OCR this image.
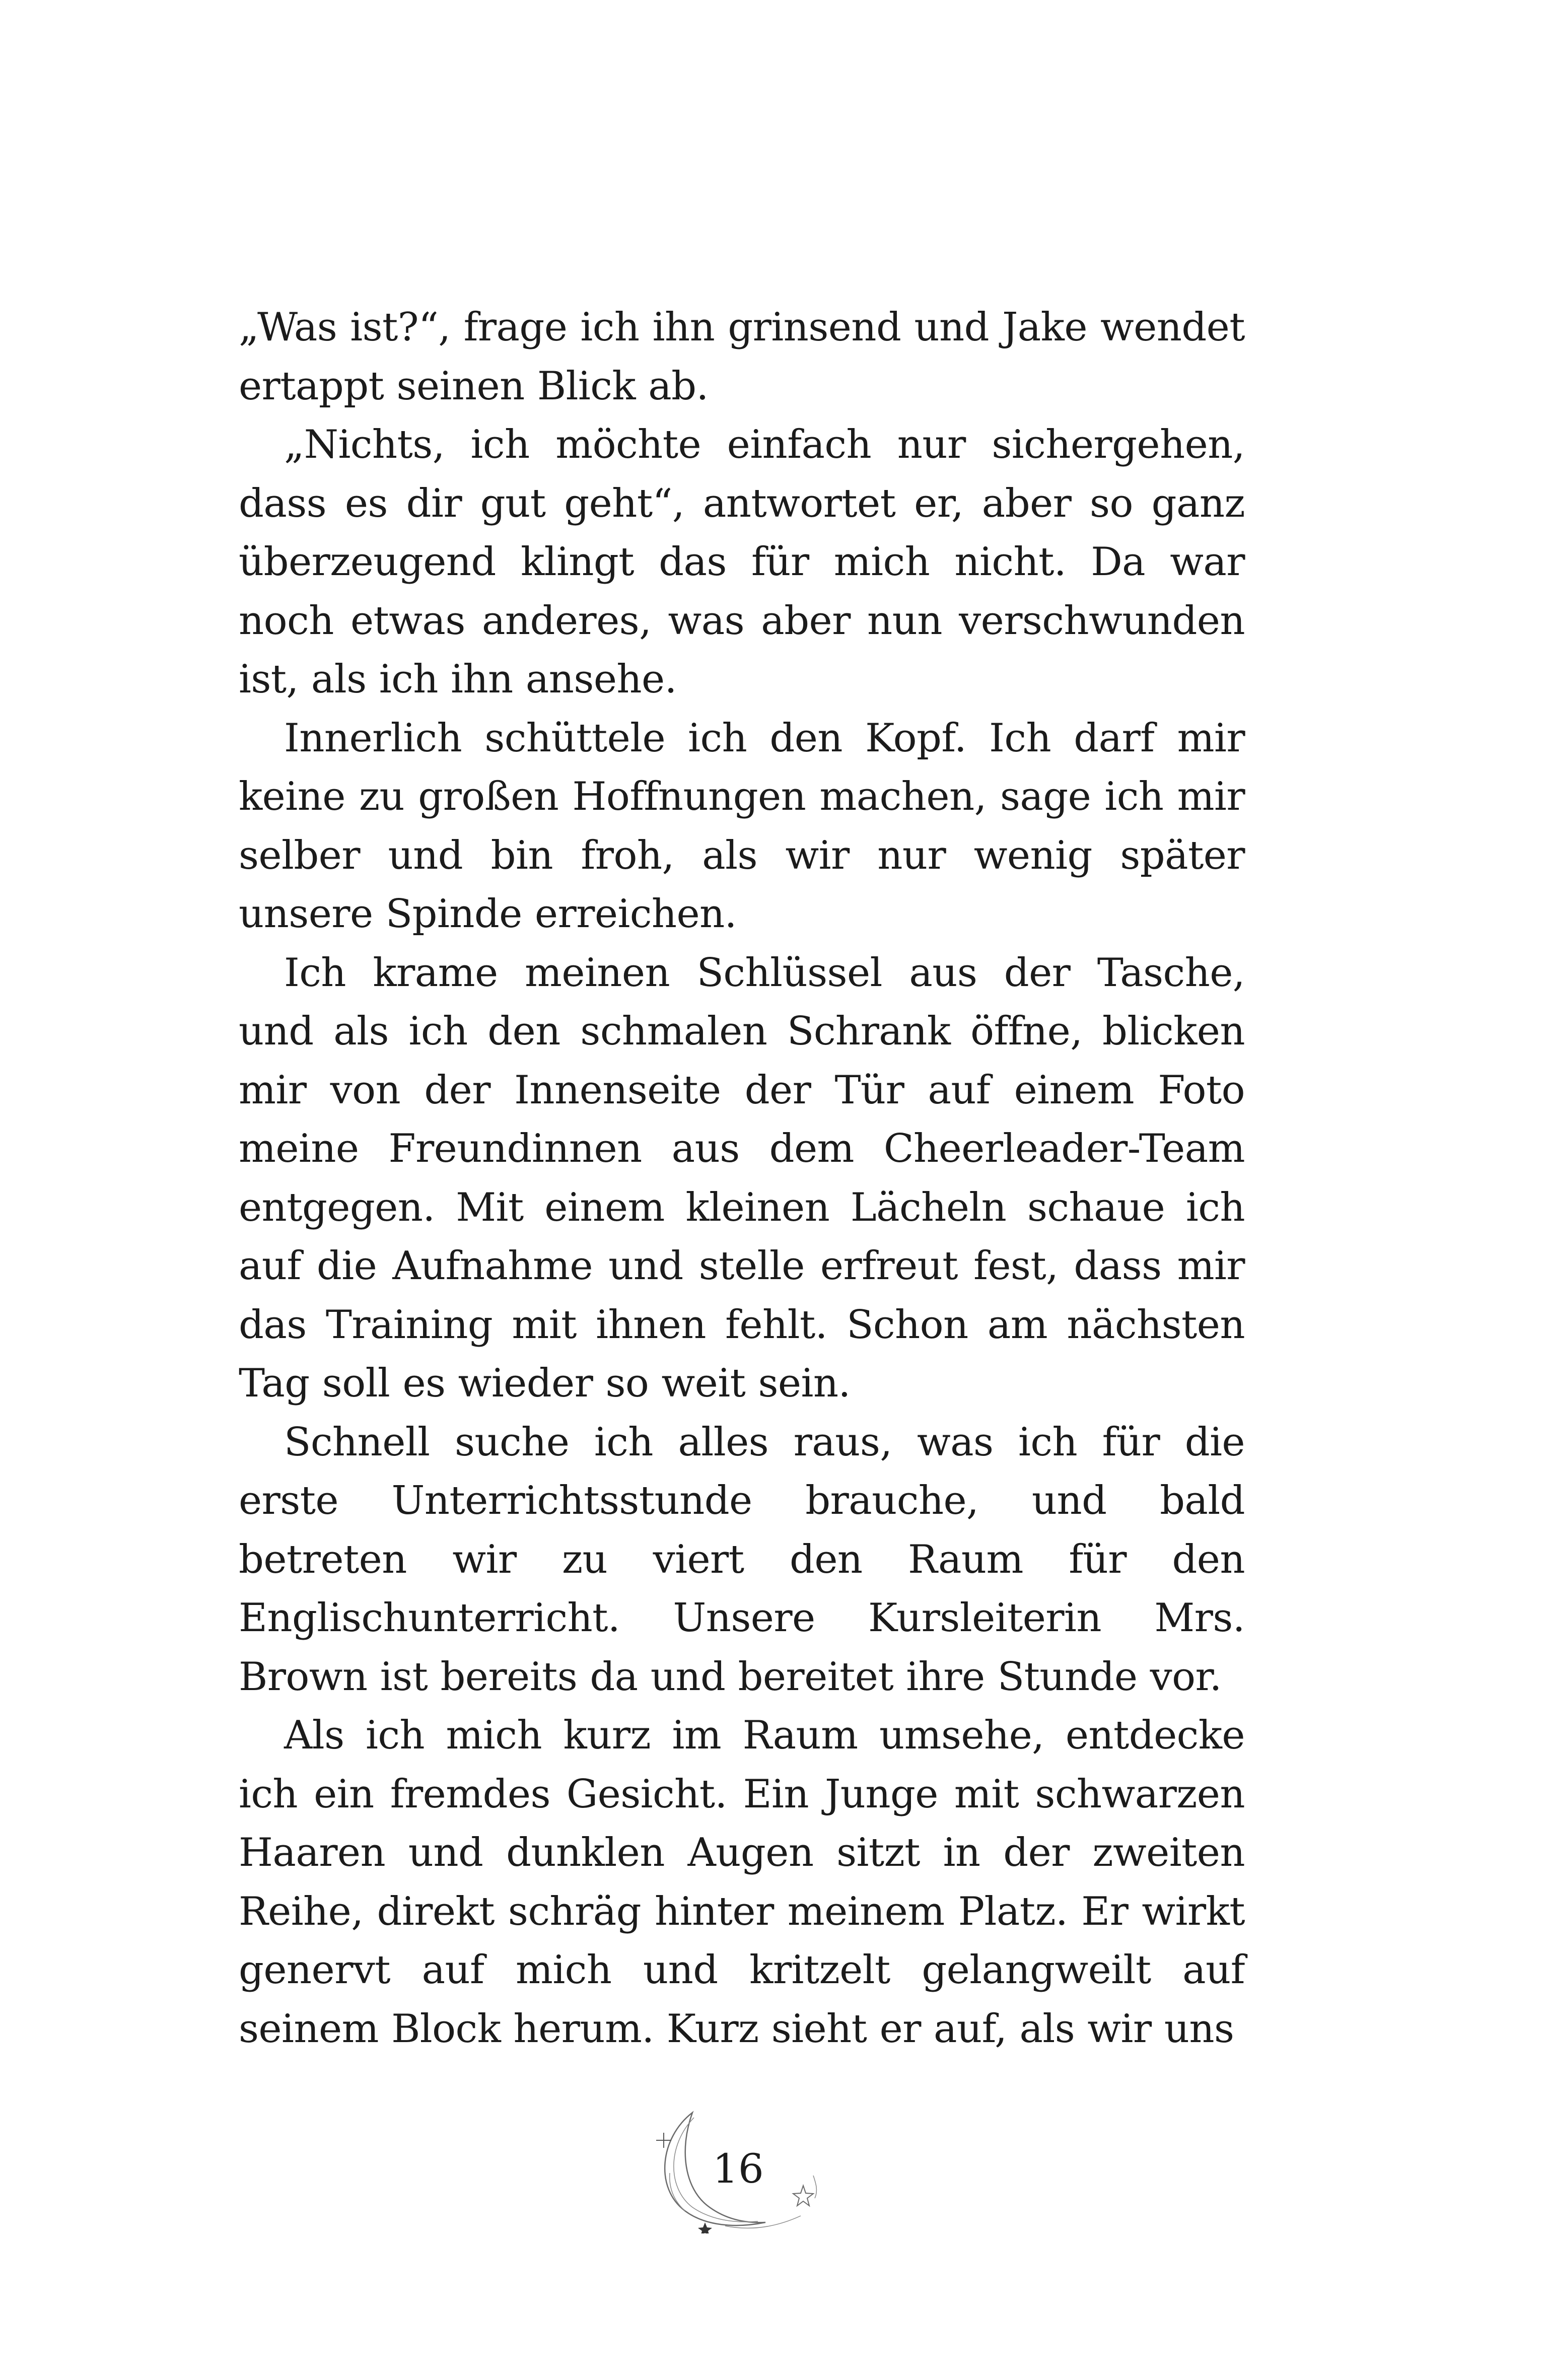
„Was ist?“, frage ich ihn grinsend und Jake wendet ertappt seinen Blick ab.

„Nichts, ich möchte einfach nur sichergehen, dass es dir gut geht“, antwortet er, aber so ganz überzeugend klingt das für mich nicht. Da war noch etwas anderes, was aber nun verschwunden ist, als ich ihn ansehe.

Innerlich schüttele ich den Kopf. Ich darf mir keine zu großen Hoffnungen machen, sage ich mir selber und bin froh, als wir nur wenig später unsere Spinde erreichen.

Ich krame meinen Schlüssel aus der Tasche, und als ich den schmalen Schrank öffne, blicken mir von der Innenseite der Tür auf einem Foto meine Freundinnen aus dem Cheerleader-Team entgegen. Mit einem kleinen Lächeln schaue ich auf die Aufnahme und stelle erfreut fest, dass mir das Training mit ihnen fehlt. Schon am nächsten Tag soll es wieder so weit sein.

Schnell suche ich alles raus, was ich für die erste Unterrichtsstunde brauche, und bald betreten wir zu viert den Raum für den Englischunterricht. Unsere Kursleiterin Mrs. Brown ist bereits da und bereitet ihre Stunde vor.

Als ich mich kurz im Raum umsehe, entdecke ich ein fremdes Gesicht. Ein Junge mit schwarzen Haaren und dunklen Augen sitzt in der zweiten Reihe, direkt schräg hinter meinem Platz. Er wirkt genervt auf mich und kritzelt gelangweilt auf seinem Block herum. Kurz sieht er auf, als wir uns

16
